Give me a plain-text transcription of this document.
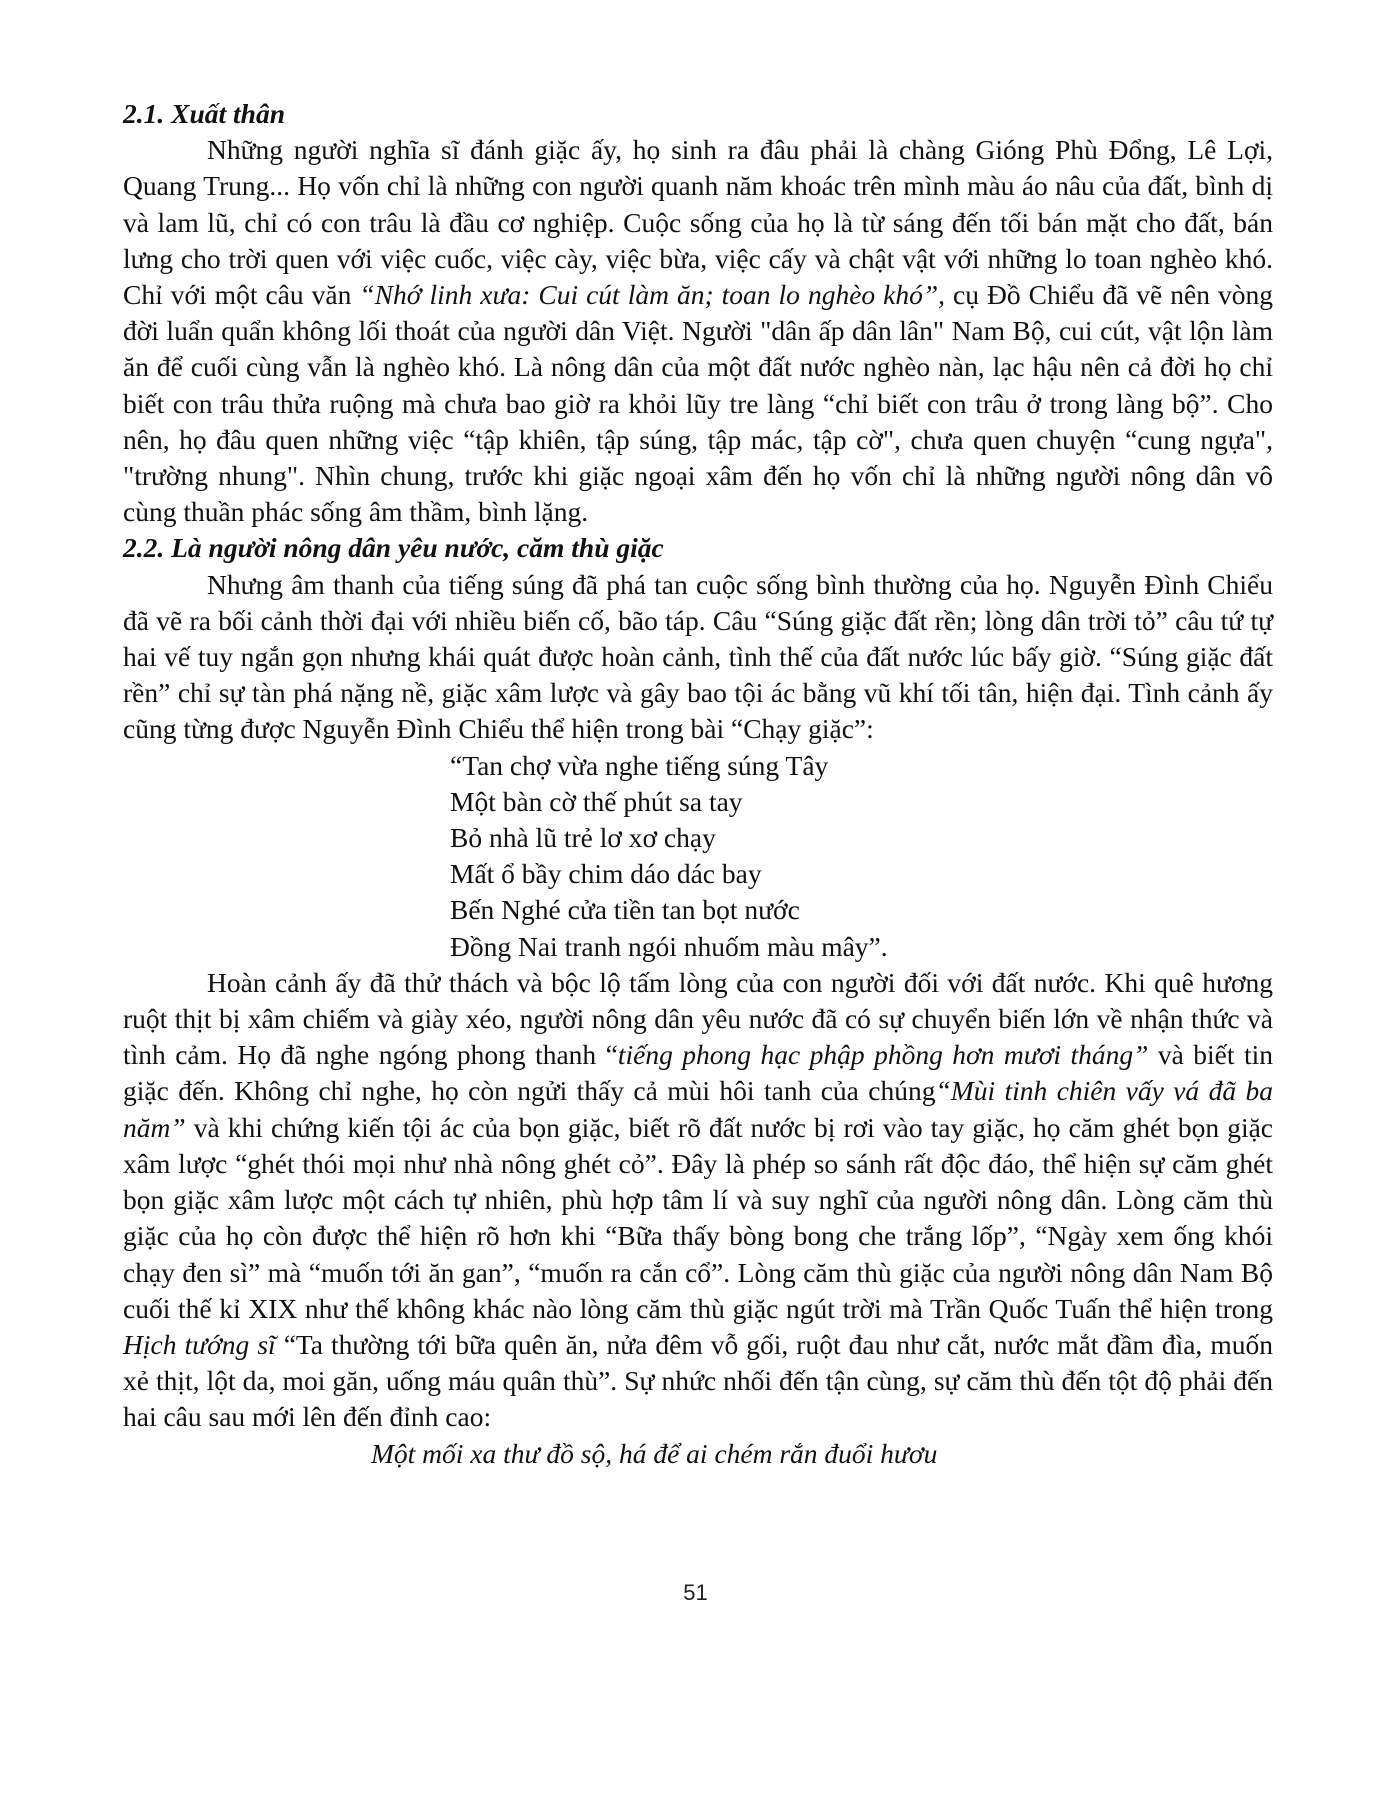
2.1. Xuất thân

Những người nghĩa sĩ đánh giặc ấy, họ sinh ra đâu phải là chàng Gióng Phù Đổng, Lê Lợi, Quang Trung... Họ vốn chỉ là những con người quanh năm khoác trên mình màu áo nâu của đất, bình dị và lam lũ, chỉ có con trâu là đầu cơ nghiệp. Cuộc sống của họ là từ sáng đến tối bán mặt cho đất, bán lưng cho trời quen với việc cuốc, việc cày, việc bừa, việc cấy và chật vật với những lo toan nghèo khó. Chỉ với một câu văn “Nhớ linh xưa: Cui cút làm ăn; toan lo nghèo khó”, cụ Đồ Chiểu đã vẽ nên vòng đời luẩn quẩn không lối thoát của người dân Việt. Người "dân ấp dân lân" Nam Bộ, cui cút, vật lộn làm ăn để cuối cùng vẫn là nghèo khó. Là nông dân của một đất nước nghèo nàn, lạc hậu nên cả đời họ chỉ biết con trâu thửa ruộng mà chưa bao giờ ra khỏi lũy tre làng “chỉ biết con trâu ở trong làng bộ”. Cho nên, họ đâu quen những việc “tập khiên, tập súng, tập mác, tập cờ", chưa quen chuyện “cung ngựa", "trường nhung". Nhìn chung, trước khi giặc ngoại xâm đến họ vốn chỉ là những người nông dân vô cùng thuần phác sống âm thầm, bình lặng.

2.2. Là người nông dân yêu nước, căm thù giặc

Nhưng âm thanh của tiếng súng đã phá tan cuộc sống bình thường của họ. Nguyễn Đình Chiểu đã vẽ ra bối cảnh thời đại với nhiều biến cố, bão táp. Câu “Súng giặc đất rền; lòng dân trời tỏ” câu tứ tự hai vế tuy ngắn gọn nhưng khái quát được hoàn cảnh, tình thế của đất nước lúc bấy giờ. “Súng giặc đất rền” chỉ sự tàn phá nặng nề, giặc xâm lược và gây bao tội ác bằng vũ khí tối tân, hiện đại. Tình cảnh ấy cũng từng được Nguyễn Đình Chiểu thể hiện trong bài “Chạy giặc”:

“Tan chợ vừa nghe tiếng súng Tây
Một bàn cờ thế phút sa tay
Bỏ nhà lũ trẻ lơ xơ chạy
Mất ổ bầy chim dáo dác bay
Bến Nghé cửa tiền tan bọt nước
Đồng Nai tranh ngói nhuốm màu mây”.

Hoàn cảnh ấy đã thử thách và bộc lộ tấm lòng của con người đối với đất nước. Khi quê hương ruột thịt bị xâm chiếm và giày xéo, người nông dân yêu nước đã có sự chuyển biến lớn về nhận thức và tình cảm. Họ đã nghe ngóng phong thanh “tiếng phong hạc phập phồng hơn mươi tháng” và biết tin giặc đến. Không chỉ nghe, họ còn ngửi thấy cả mùi hôi tanh của chúng“Mùi tinh chiên vấy vá đã ba năm” và khi chứng kiến tội ác của bọn giặc, biết rõ đất nước bị rơi vào tay giặc, họ căm ghét bọn giặc xâm lược “ghét thói mọi như nhà nông ghét cỏ”. Đây là phép so sánh rất độc đáo, thể hiện sự căm ghét bọn giặc xâm lược một cách tự nhiên, phù hợp tâm lí và suy nghĩ của người nông dân. Lòng căm thù giặc của họ còn được thể hiện rõ hơn khi “Bữa thấy bòng bong che trắng lốp”, “Ngày xem ống khói chạy đen sì” mà “muốn tới ăn gan”, “muốn ra cắn cổ”. Lòng căm thù giặc của người nông dân Nam Bộ cuối thế kỉ XIX như thế không khác nào lòng căm thù giặc ngút trời mà Trần Quốc Tuấn thể hiện trong Hịch tướng sĩ “Ta thường tới bữa quên ăn, nửa đêm vỗ gối, ruột đau như cắt, nước mắt đầm đìa, muốn xẻ thịt, lột da, moi găn, uống máu quân thù”. Sự nhức nhối đến tận cùng, sự căm thù đến tột độ phải đến hai câu sau mới lên đến đỉnh cao:

Một mối xa thư đồ sộ, há để ai chém rắn đuổi hươu

51
